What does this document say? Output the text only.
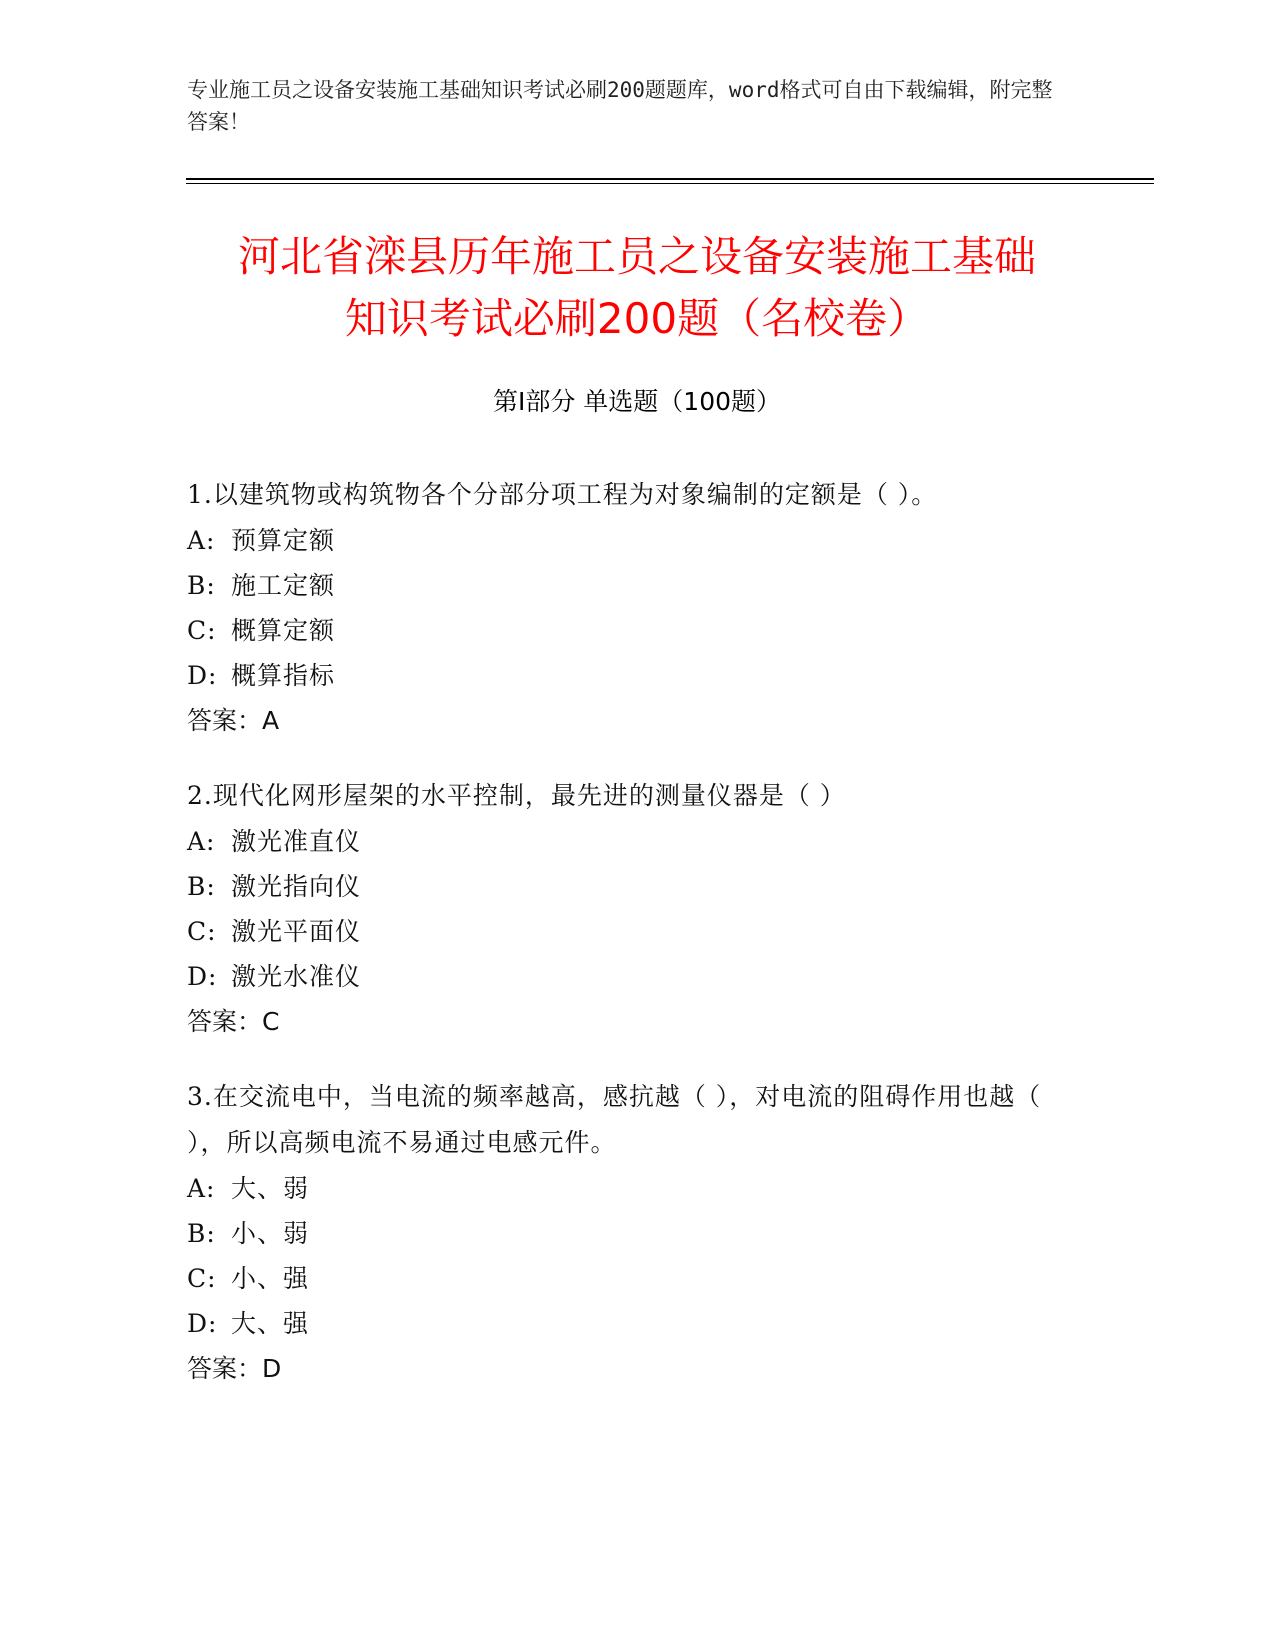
专业施工员之设备安装施工基础知识考试必刷200题题库，word格式可自由下载编辑，附完整答案！
河北省滦县历年施工员之设备安装施工基础
知识考试必刷200题（名校卷）
第Ⅰ部分 单选题（100题）
1.以建筑物或构筑物各个分部分项工程为对象编制的定额是（ ）。
A: 预算定额
B: 施工定额
C: 概算定额
D: 概算指标
答案：A
2.现代化网形屋架的水平控制，最先进的测量仪器是（ ）
A: 激光准直仪
B: 激光指向仪
C: 激光平面仪
D: 激光水准仪
答案：C
3.在交流电中，当电流的频率越高，感抗越（ ），对电流的阻碍作用也越（ ），所以高频电流不易通过电感元件。
A: 大、弱
B: 小、弱
C: 小、强
D: 大、强
答案：D
